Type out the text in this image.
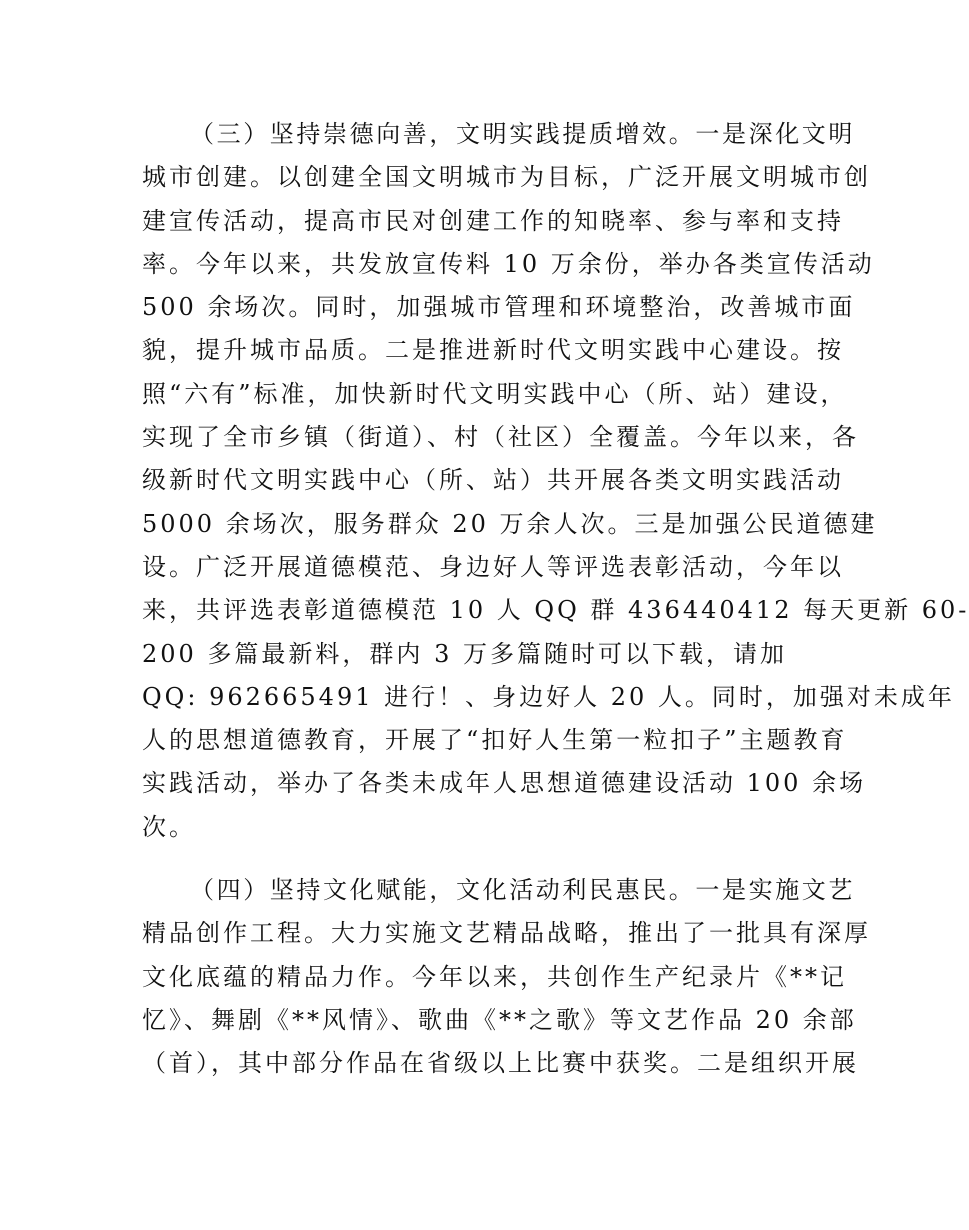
（三）坚持崇德向善，文明实践提质增效。一是深化文明
城市创建。以创建全国文明城市为目标，广泛开展文明城市创
建宣传活动，提高市民对创建工作的知晓率、参与率和支持
率。今年以来，共发放宣传料 10 万余份，举办各类宣传活动
500 余场次。同时，加强城市管理和环境整治，改善城市面
貌，提升城市品质。二是推进新时代文明实践中心建设。按
照“六有”标准，加快新时代文明实践中心（所、站）建设，
实现了全市乡镇（街道）、村（社区）全覆盖。今年以来，各
级新时代文明实践中心（所、站）共开展各类文明实践活动
5000 余场次，服务群众 20 万余人次。三是加强公民道德建
设。广泛开展道德模范、身边好人等评选表彰活动，今年以
来，共评选表彰道德模范 10 人 QQ 群 436440412 每天更新 60-
200 多篇最新料，群内 3 万多篇随时可以下载，请加
QQ: 962665491 进行！、身边好人 20 人。同时，加强对未成年
人的思想道德教育，开展了“扣好人生第一粒扣子”主题教育
实践活动，举办了各类未成年人思想道德建设活动 100 余场
次。
（四）坚持文化赋能，文化活动利民惠民。一是实施文艺
精品创作工程。大力实施文艺精品战略，推出了一批具有深厚
文化底蕴的精品力作。今年以来，共创作生产纪录片《**记
忆》、舞剧《**风情》、歌曲《**之歌》等文艺作品 20 余部
（首），其中部分作品在省级以上比赛中获奖。二是组织开展
